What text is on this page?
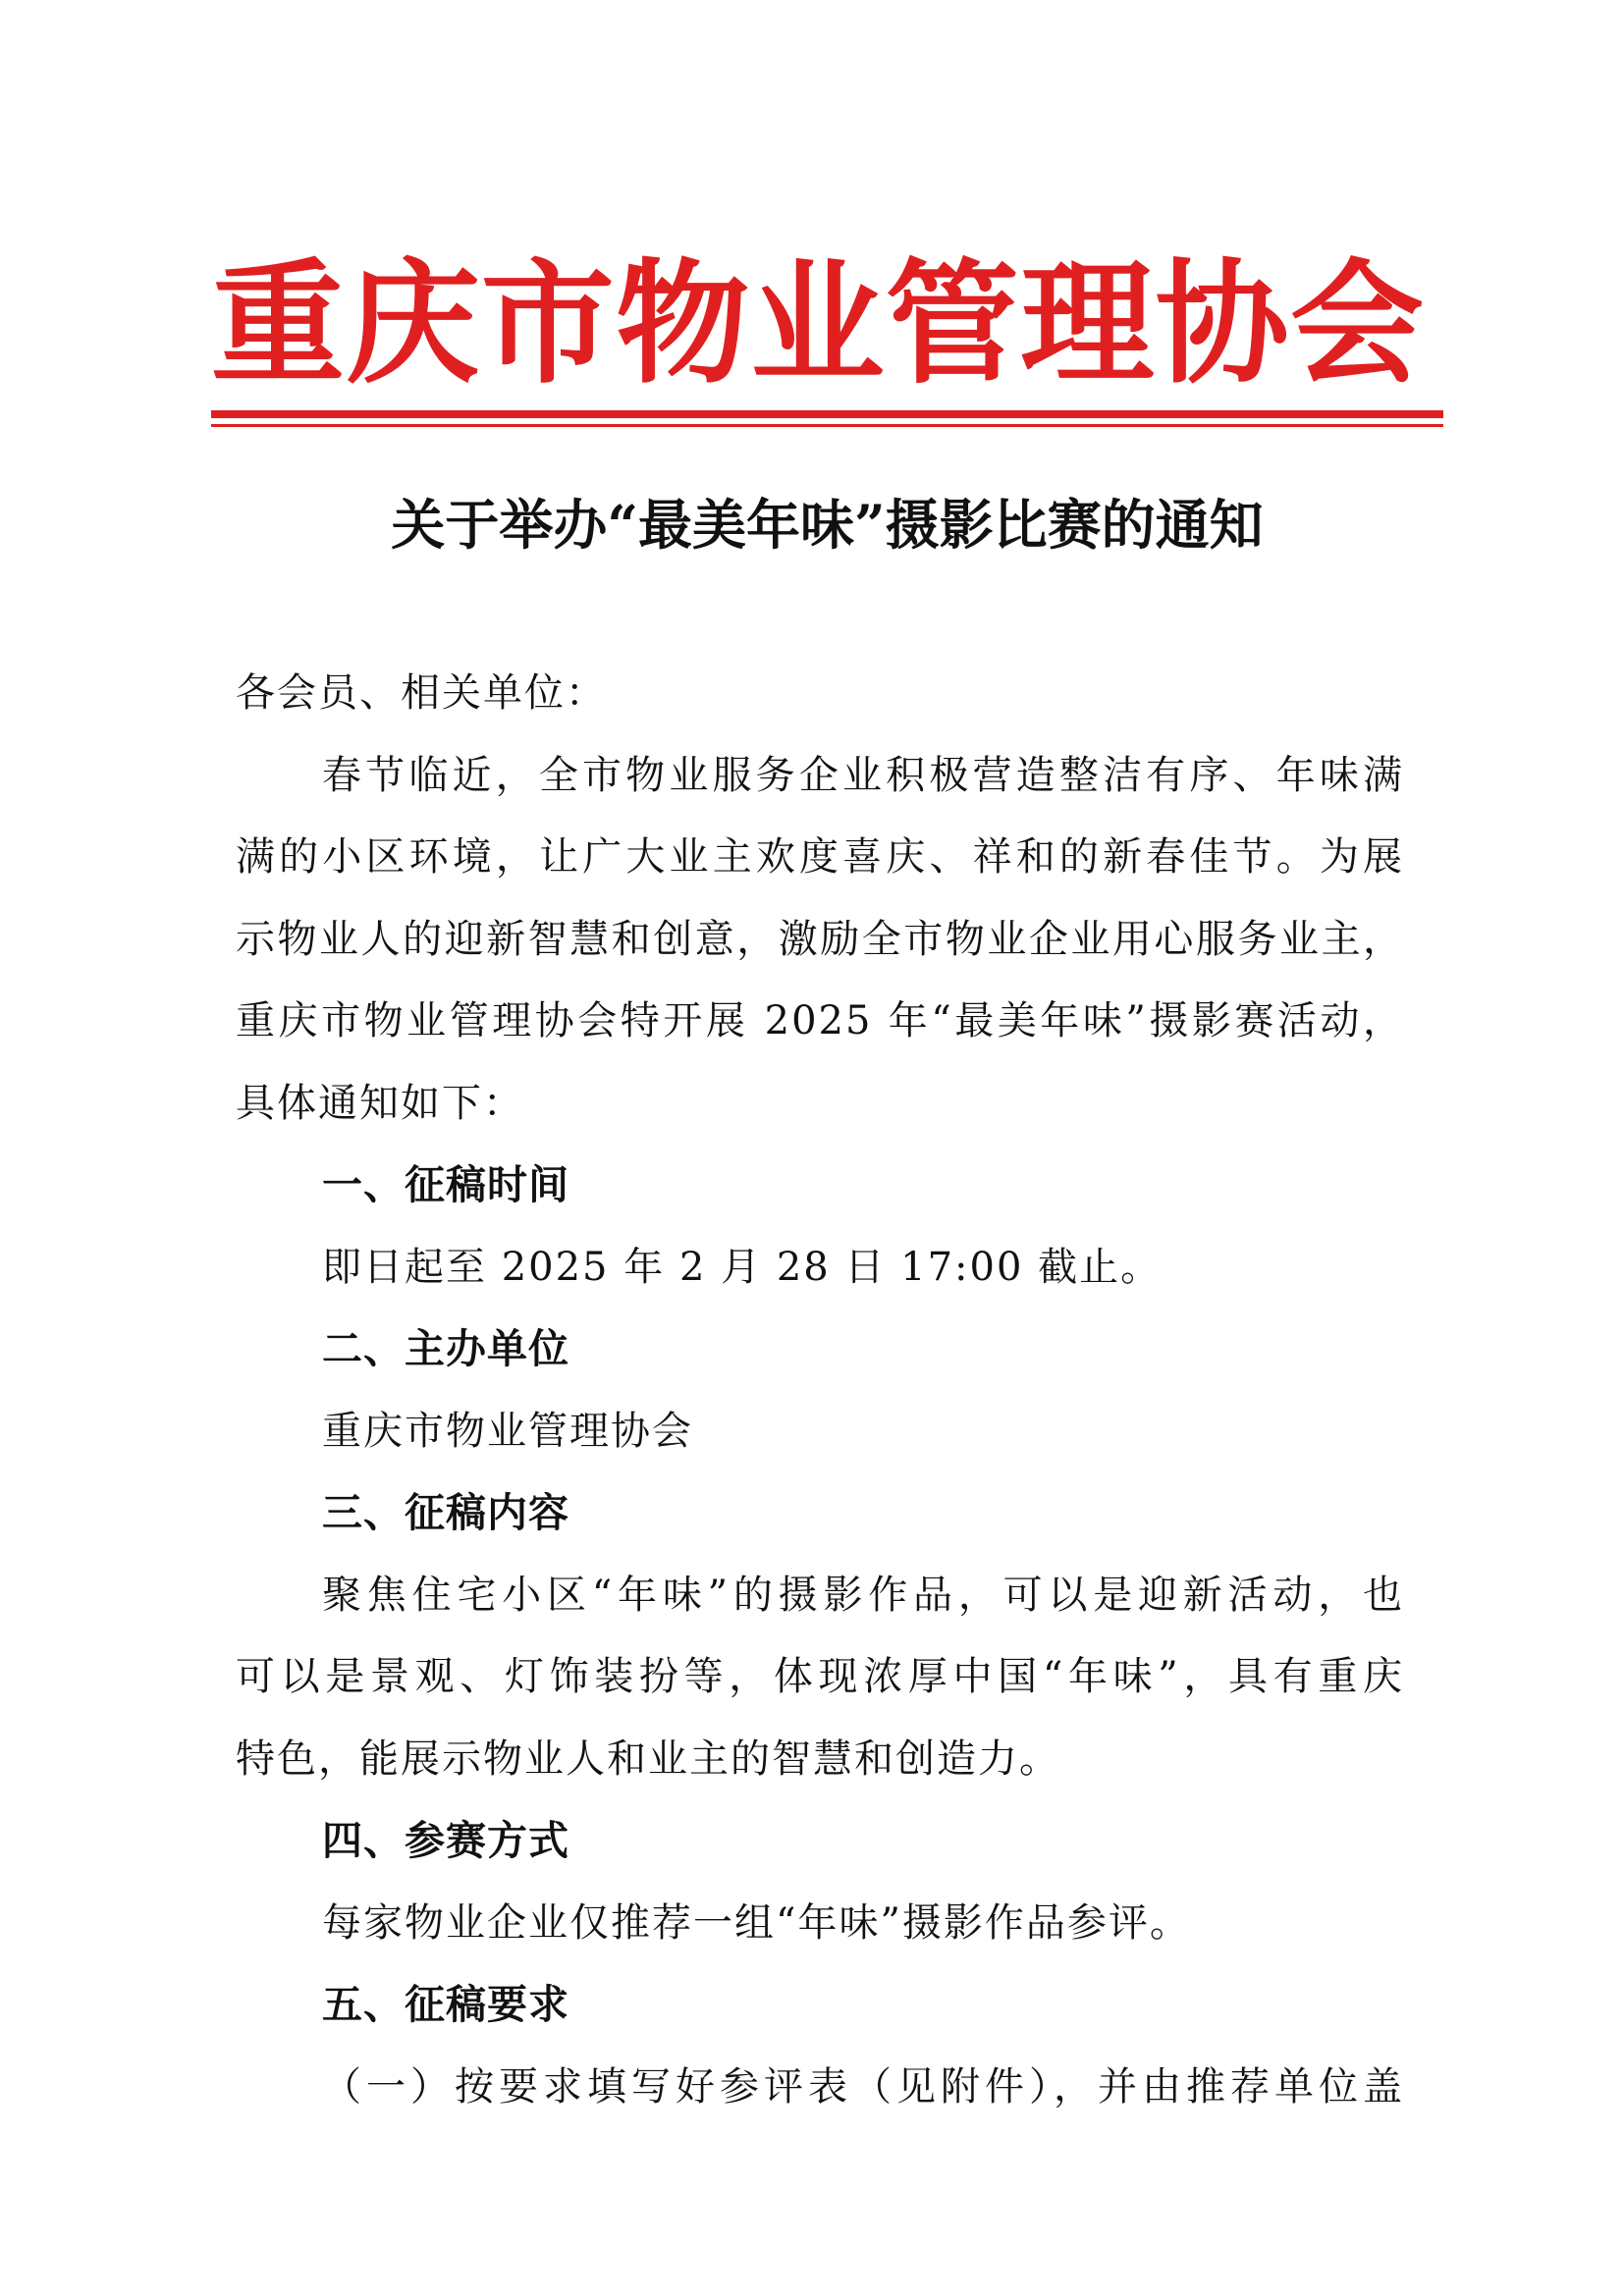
重 庆 市 物 业 管 理 协 会
关于举办“最美年味”摄影比赛的通知
各会员、相关单位：
春节临近，全市物业服务企业积极营造整洁有序、年味满
满的小区环境，让广大业主欢度喜庆、祥和的新春佳节。为展
示物业人的迎新智慧和创意，激励全市物业企业用心服务业主，
重庆市物业管理协会特开展 2025 年“最美年味”摄影赛活动，
具体通知如下：
一、征稿时间
即日起至 2025 年 2 月 28 日 17:00 截止。
二、主办单位
重庆市物业管理协会
三、征稿内容
聚焦住宅小区“年味”的摄影作品，可以是迎新活动，也
可以是景观、灯饰装扮等，体现浓厚中国“年味”，具有重庆
特色，能展示物业人和业主的智慧和创造力。
四、参赛方式
每家物业企业仅推荐一组“年味”摄影作品参评。
五、征稿要求
（一）按要求填写好参评表（见附件），并由推荐单位盖
